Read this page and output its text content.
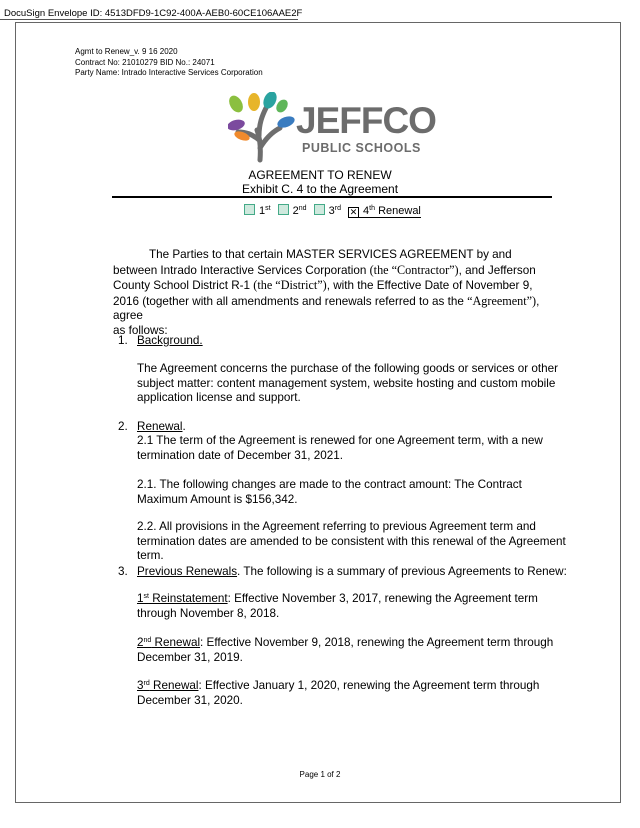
DocuSign Envelope ID: 4513DFD9-1C92-400A-AEB0-60CE106AAE2F
Agmt to Renew_v. 9 16 2020
Contract No: 21010279 BID No.: 24071
Party Name: Intrado Interactive Services Corporation
JEFFCO
PUBLIC SCHOOLS
AGREEMENT TO RENEW
Exhibit C. 4 to the Agreement
1st 2nd 3rd ✕ 4th Renewal
The Parties to that certain MASTER SERVICES AGREEMENT by and
between Intrado Interactive Services Corporation (the “Contractor”), and Jefferson
County School District R-1 (the “District”), with the Effective Date of November 9,
2016 (together with all amendments and renewals referred to as the “Agreement”), agree
as follows:
1. Background.
The Agreement concerns the purchase of the following goods or services or other
subject matter: content management system, website hosting and custom mobile
application license and support.
2. Renewal.
2.1 The term of the Agreement is renewed for one Agreement term, with a new
termination date of December 31, 2021.
2.1. The following changes are made to the contract amount: The Contract
Maximum Amount is $156,342.
2.2. All provisions in the Agreement referring to previous Agreement term and
termination dates are amended to be consistent with this renewal of the Agreement
term.
3. Previous Renewals. The following is a summary of previous Agreements to Renew:
1st Reinstatement: Effective November 3, 2017, renewing the Agreement term
through November 8, 2018.
2nd Renewal: Effective November 9, 2018, renewing the Agreement term through
December 31, 2019.
3rd Renewal: Effective January 1, 2020, renewing the Agreement term through
December 31, 2020.
Page 1 of 2
